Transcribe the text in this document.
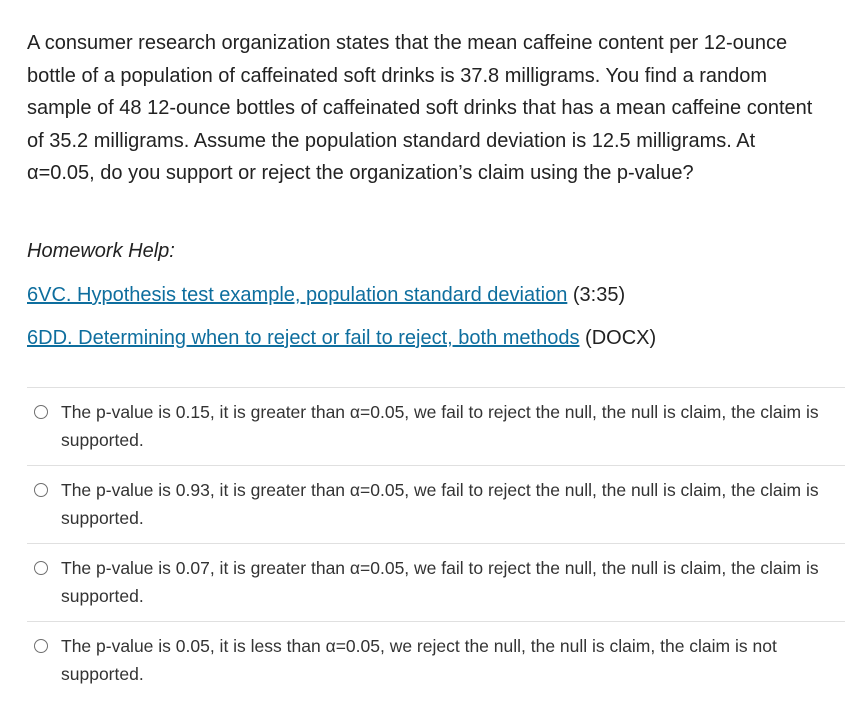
A consumer research organization states that the mean caffeine content per 12-ounce bottle of a population of caffeinated soft drinks is 37.8 milligrams. You find a random sample of 48 12-ounce bottles of caffeinated soft drinks that has a mean caffeine content of 35.2 milligrams. Assume the population standard deviation is 12.5 milligrams. At α=0.05, do you support or reject the organization’s claim using the p-value?

Homework Help:

6VC. Hypothesis test example, population standard deviation (3:35)
6DD. Determining when to reject or fail to reject, both methods (DOCX)
The p-value is 0.15, it is greater than α=0.05, we fail to reject the null, the null is claim, the claim is supported.
The p-value is 0.93, it is greater than α=0.05, we fail to reject the null, the null is claim, the claim is supported.
The p-value is 0.07, it is greater than α=0.05, we fail to reject the null, the null is claim, the claim is supported.
The p-value is 0.05, it is less than α=0.05, we reject the null, the null is claim, the claim is not supported.
